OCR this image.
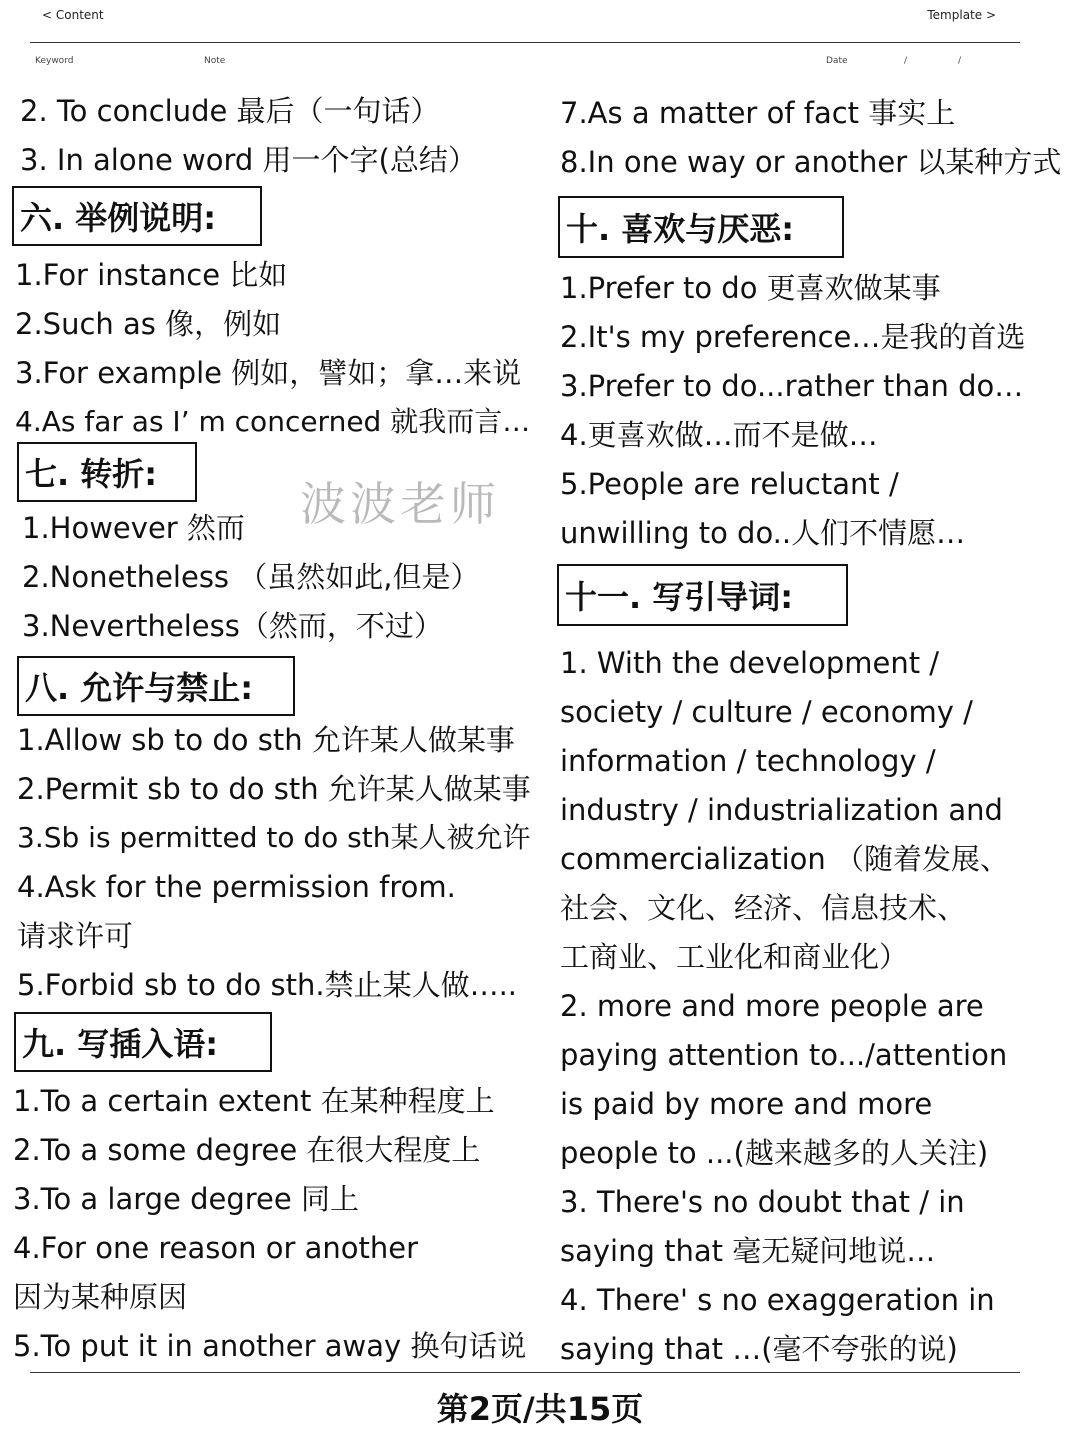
< Content	Template >
Keyword	Note	Date	/	/
波波老师
2. To conclude 最后（一句话）
3. In alone word 用一个字(总结）
六. 举例说明:
1.For instance 比如
2.Such as 像，例如
3.For example 例如，譬如；拿…来说
4.As far as I’ m concerned 就我而言…
七. 转折:
1.However 然而
2.Nonetheless （虽然如此,但是）
3.Nevertheless（然而，不过）
八. 允许与禁止:
1.Allow sb to do sth 允许某人做某事
2.Permit sb to do sth 允许某人做某事
3.Sb is permitted to do sth某人被允许
4.Ask for the permission from.
请求许可
5.Forbid sb to do sth.禁止某人做…..
九. 写插入语:
1.To a certain extent 在某种程度上
2.To a some degree 在很大程度上
3.To a large degree 同上
4.For one reason or another
因为某种原因
5.To put it in another away 换句话说
7.As a matter of fact 事实上
8.In one way or another 以某种方式
十. 喜欢与厌恶:
1.Prefer to do 更喜欢做某事
2.It's my preference…是我的首选
3.Prefer to do...rather than do…
4.更喜欢做…而不是做…
5.People are reluctant /
unwilling to do..人们不情愿…
十一. 写引导词:
1. With the development /
society / culture / economy /
information / technology /
industry / industrialization and
commercialization （随着发展、
社会、文化、经济、信息技术、
工商业、工业化和商业化）
2. more and more people are
paying attention to.../attention
is paid by more and more
people to ...(越来越多的人关注)
3. There's no doubt that / in
saying that 毫无疑问地说…
4. There' s no exaggeration in
saying that …(毫不夸张的说)
第2页/共15页
